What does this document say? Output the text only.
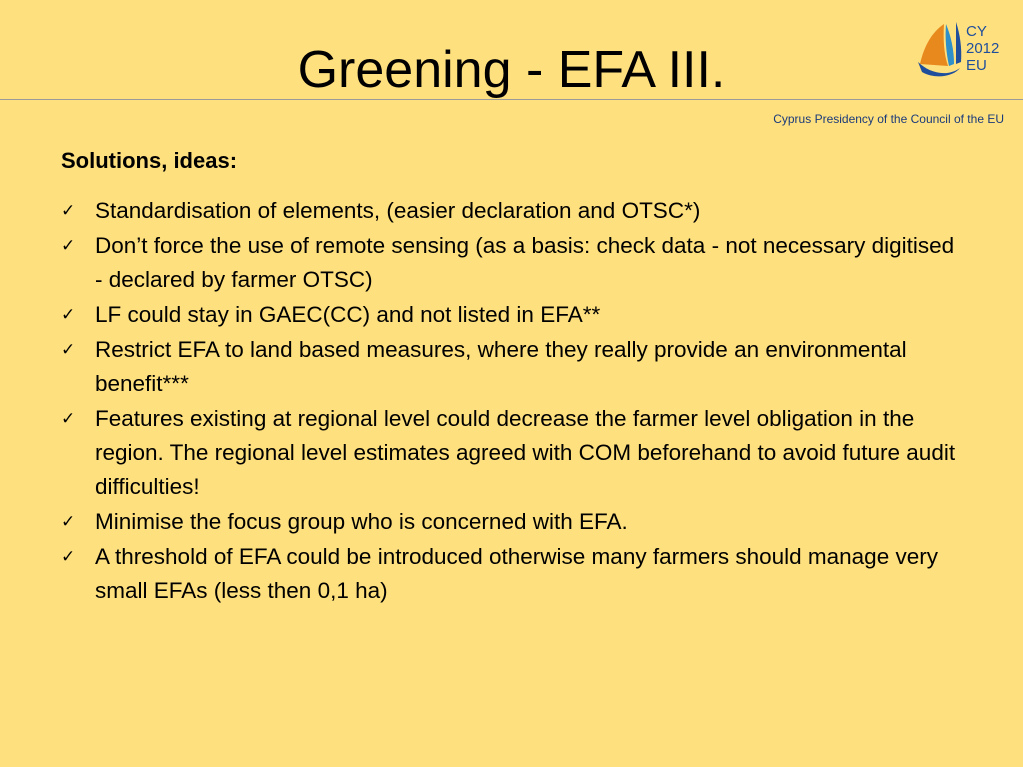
Greening - EFA III.
CY
2012
EU
Cyprus Presidency of the Council of the EU
Solutions, ideas:
✓ Standardisation of elements, (easier declaration and OTSC*)
✓ Don’t force the use of remote sensing (as a basis: check data - not necessary digitised - declared by farmer OTSC)
✓ LF could stay in GAEC(CC) and not listed in EFA**
✓ Restrict EFA to land based measures, where they really provide an environmental benefit***
✓ Features existing at regional level could decrease the farmer level obligation in the region. The regional level estimates agreed with COM beforehand to avoid future audit difficulties!
✓ Minimise the focus group who is concerned with EFA.
✓ A threshold of EFA could be introduced otherwise many farmers should manage very small EFAs (less then 0,1 ha)
